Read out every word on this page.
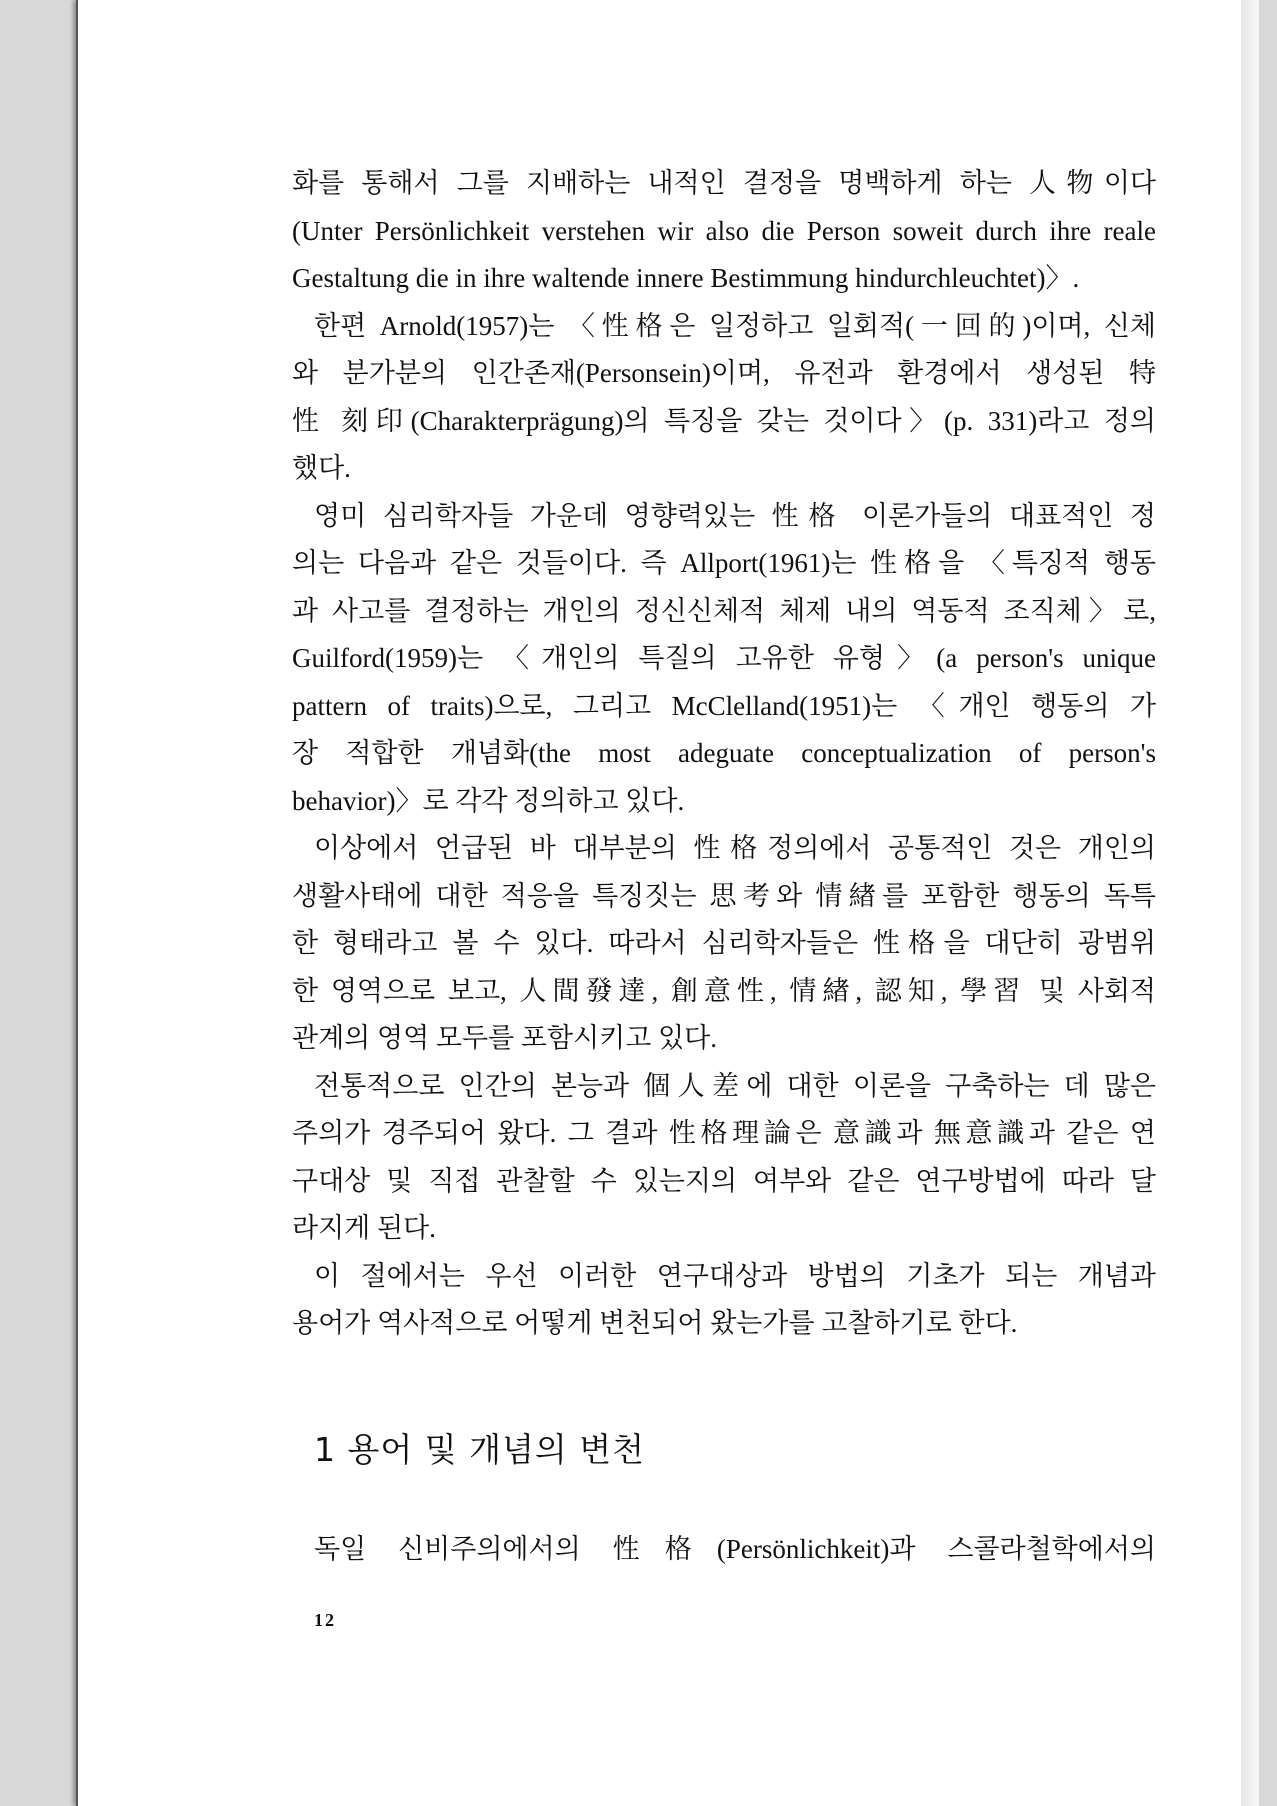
화를 통해서 그를 지배하는 내적인 결정을 명백하게 하는 人物이다
(Unter Persönlichkeit verstehen wir also die Person soweit durch ihre reale
Gestaltung die in ihre waltende innere Bestimmung hindurchleuchtet)〉.
한편 Arnold(1957)는 〈性格은 일정하고 일회적(一回的)이며, 신체
와 분가분의 인간존재(Personsein)이며, 유전과 환경에서 생성된 特
性 刻印(Charakterprägung)의 특징을 갖는 것이다〉(p. 331)라고 정의
했다.
영미 심리학자들 가운데 영향력있는 性格 이론가들의 대표적인 정
의는 다음과 같은 것들이다. 즉 Allport(1961)는 性格을 〈특징적 행동
과 사고를 결정하는 개인의 정신신체적 체제 내의 역동적 조직체〉로,
Guilford(1959)는 〈개인의 특질의 고유한 유형〉(a person's unique
pattern of traits)으로, 그리고 McClelland(1951)는 〈개인 행동의 가
장 적합한 개념화(the most adeguate conceptualization of person's
behavior)〉로 각각 정의하고 있다.
이상에서 언급된 바 대부분의 性格정의에서 공통적인 것은 개인의
생활사태에 대한 적응을 특징짓는 思考와 情緖를 포함한 행동의 독특
한 형태라고 볼 수 있다. 따라서 심리학자들은 性格을 대단히 광범위
한 영역으로 보고, 人間發達, 創意性, 情緖, 認知, 學習 및 사회적
관계의 영역 모두를 포함시키고 있다.
전통적으로 인간의 본능과 個人差에 대한 이론을 구축하는 데 많은
주의가 경주되어 왔다. 그 결과 性格理論은 意識과 無意識과 같은 연
구대상 및 직접 관찰할 수 있는지의 여부와 같은 연구방법에 따라 달
라지게 된다.
이 절에서는 우선 이러한 연구대상과 방법의 기초가 되는 개념과
용어가 역사적으로 어떻게 변천되어 왔는가를 고찰하기로 한다.
1 용어 및 개념의 변천
독일 신비주의에서의 性格(Persönlichkeit)과 스콜라철학에서의
12
